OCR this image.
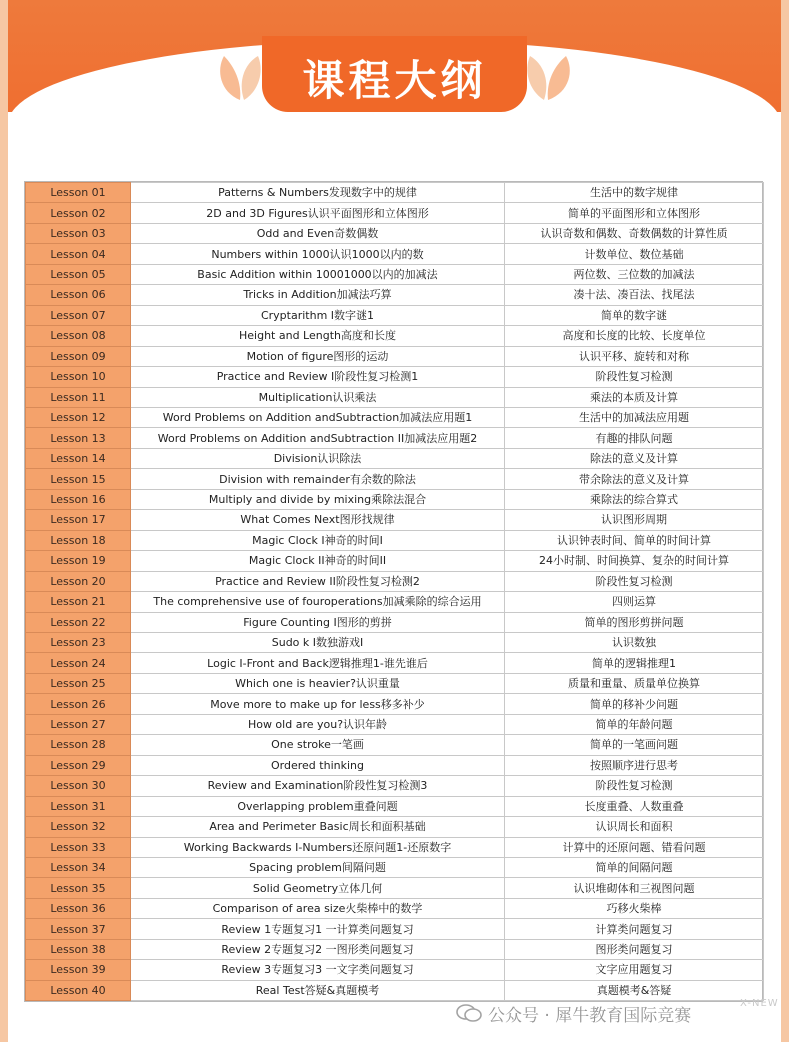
课程大纲
Lesson 01	Patterns & Numbers发现数字中的规律	生活中的数字规律
Lesson 02	2D and 3D Figures认识平面图形和立体图形	简单的平面图形和立体图形
Lesson 03	Odd and Even奇数偶数	认识奇数和偶数、奇数偶数的计算性质
Lesson 04	Numbers within 1000认识1000以内的数	计数单位、数位基础
Lesson 05	Basic Addition within 10001000以内的加减法	两位数、三位数的加减法
Lesson 06	Tricks in Addition加减法巧算	凑十法、凑百法、找尾法
Lesson 07	Cryptarithm I数字谜1	简单的数字谜
Lesson 08	Height and Length高度和长度	高度和长度的比较、长度单位
Lesson 09	Motion of figure图形的运动	认识平移、旋转和对称
Lesson 10	Practice and Review I阶段性复习检测1	阶段性复习检测
Lesson 11	Multiplication认识乘法	乘法的本质及计算
Lesson 12	Word Problems on Addition andSubtraction加减法应用题1	生活中的加减法应用题
Lesson 13	Word Problems on Addition andSubtraction II加减法应用题2	有趣的排队问题
Lesson 14	Division认识除法	除法的意义及计算
Lesson 15	Division with remainder有余数的除法	带余除法的意义及计算
Lesson 16	Multiply and divide by mixing乘除法混合	乘除法的综合算式
Lesson 17	What Comes Next图形找规律	认识图形周期
Lesson 18	Magic Clock I神奇的时间I	认识钟表时间、简单的时间计算
Lesson 19	Magic Clock II神奇的时间II	24小时制、时间换算、复杂的时间计算
Lesson 20	Practice and Review II阶段性复习检测2	阶段性复习检测
Lesson 21	The comprehensive use of fouroperations加减乘除的综合运用	四则运算
Lesson 22	Figure Counting I图形的剪拼	简单的图形剪拼问题
Lesson 23	Sudo k I数独游戏I	认识数独
Lesson 24	Logic I-Front and Back逻辑推理1-谁先谁后	简单的逻辑推理1
Lesson 25	Which one is heavier?认识重量	质量和重量、质量单位换算
Lesson 26	Move more to make up for less移多补少	简单的移补少问题
Lesson 27	How old are you?认识年龄	简单的年龄问题
Lesson 28	One stroke一笔画	简单的一笔画问题
Lesson 29	Ordered thinking	按照顺序进行思考
Lesson 30	Review and Examination阶段性复习检测3	阶段性复习检测
Lesson 31	Overlapping problem重叠问题	长度重叠、人数重叠
Lesson 32	Area and Perimeter Basic周长和面积基础	认识周长和面积
Lesson 33	Working Backwards I-Numbers还原问题1-还原数字	计算中的还原问题、错看问题
Lesson 34	Spacing problem间隔问题	简单的间隔问题
Lesson 35	Solid Geometry立体几何	认识堆砌体和三视图问题
Lesson 36	Comparison of area size火柴棒中的数学	巧移火柴棒
Lesson 37	Review 1专题复习1 一计算类问题复习	计算类问题复习
Lesson 38	Review 2专题复习2 一图形类问题复习	图形类问题复习
Lesson 39	Review 3专题复习3 一文字类问题复习	文字应用题复习
Lesson 40	Real Test答疑&真题模考	真题模考&答疑
公众号 · 犀牛教育国际竞赛
X-NEW
